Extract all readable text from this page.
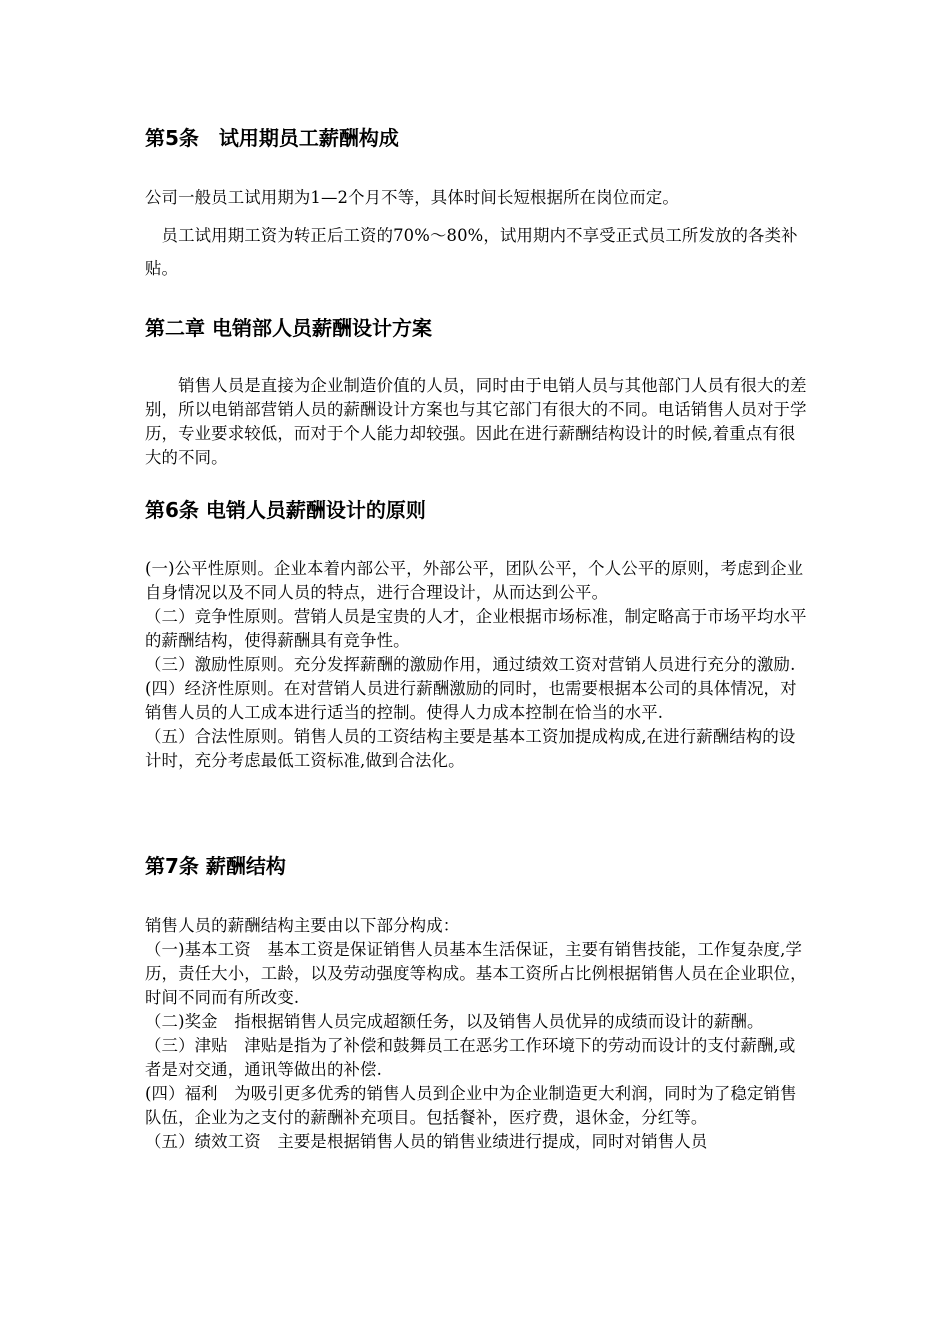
第5条　试用期员工薪酬构成

公司一般员工试用期为1—2个月不等，具体时间长短根据所在岗位而定。

　员工试用期工资为转正后工资的70%～80%，试用期内不享受正式员工所发放的各类补贴。

第二章 电销部人员薪酬设计方案

　　销售人员是直接为企业制造价值的人员，同时由于电销人员与其他部门人员有很大的差别，所以电销部营销人员的薪酬设计方案也与其它部门有很大的不同。电话销售人员对于学历，专业要求较低，而对于个人能力却较强。因此在进行薪酬结构设计的时候,着重点有很大的不同。

第6条 电销人员薪酬设计的原则

(一)公平性原则。企业本着内部公平，外部公平，团队公平，个人公平的原则，考虑到企业自身情况以及不同人员的特点，进行合理设计，从而达到公平。

（二）竞争性原则。营销人员是宝贵的人才，企业根据市场标准，制定略高于市场平均水平的薪酬结构，使得薪酬具有竞争性。

（三）激励性原则。充分发挥薪酬的激励作用，通过绩效工资对营销人员进行充分的激励.

(四）经济性原则。在对营销人员进行薪酬激励的同时，也需要根据本公司的具体情况，对销售人员的人工成本进行适当的控制。使得人力成本控制在恰当的水平.

（五）合法性原则。销售人员的工资结构主要是基本工资加提成构成,在进行薪酬结构的设计时，充分考虑最低工资标准,做到合法化。

第7条 薪酬结构

销售人员的薪酬结构主要由以下部分构成：

（一)基本工资　基本工资是保证销售人员基本生活保证，主要有销售技能，工作复杂度,学历，责任大小，工龄，以及劳动强度等构成。基本工资所占比例根据销售人员在企业职位，时间不同而有所改变.

（二)奖金　指根据销售人员完成超额任务，以及销售人员优异的成绩而设计的薪酬。

（三）津贴　津贴是指为了补偿和鼓舞员工在恶劣工作环境下的劳动而设计的支付薪酬,或者是对交通，通讯等做出的补偿.

(四）福利　为吸引更多优秀的销售人员到企业中为企业制造更大利润，同时为了稳定销售队伍，企业为之支付的薪酬补充项目。包括餐补，医疗费，退休金，分红等。

（五）绩效工资　主要是根据销售人员的销售业绩进行提成，同时对销售人员
